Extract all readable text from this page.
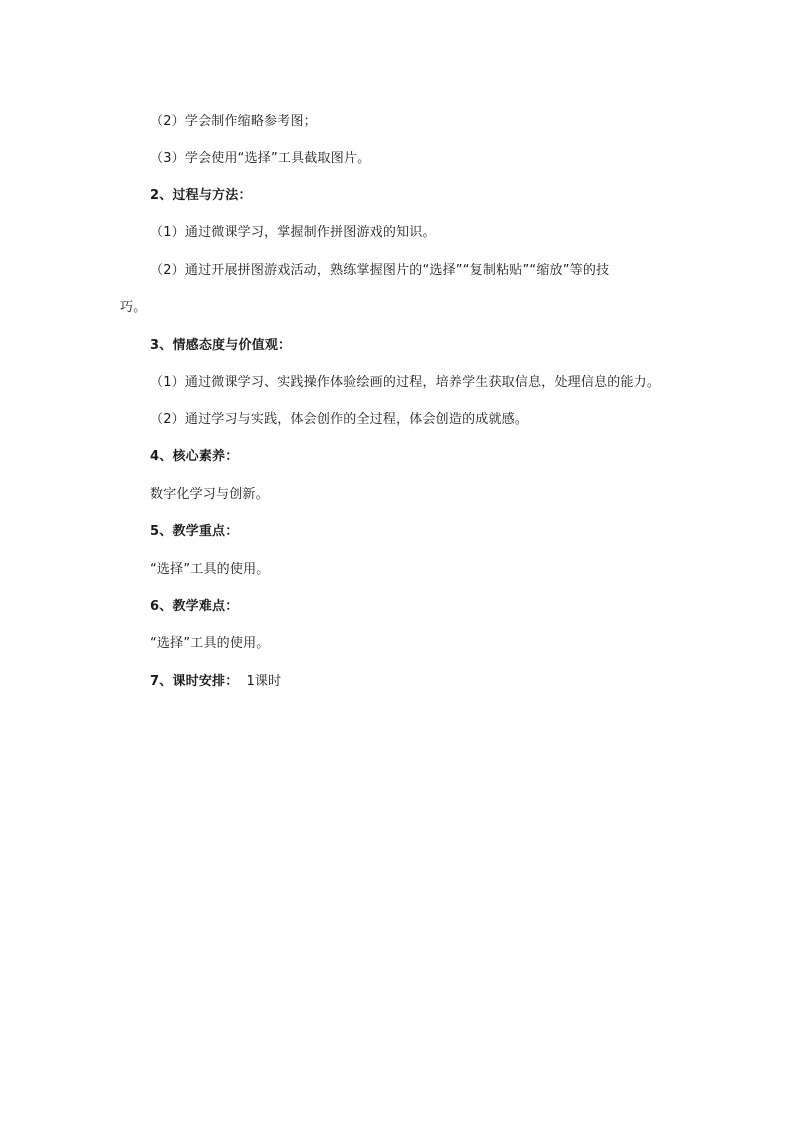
（2）学会制作缩略参考图；
（3）学会使用“选择”工具截取图片。
2、过程与方法：
（1）通过微课学习，掌握制作拼图游戏的知识。
（2）通过开展拼图游戏活动，熟练掌握图片的“选择”“复制粘贴”“缩放”等的技
巧。
3、情感态度与价值观：
（1）通过微课学习、实践操作体验绘画的过程，培养学生获取信息，处理信息的能力。
（2）通过学习与实践，体会创作的全过程，体会创造的成就感。
4、核心素养：
数字化学习与创新。
5、教学重点：
“选择”工具的使用。
6、教学难点：
“选择”工具的使用。
7、课时安排： 1课时
